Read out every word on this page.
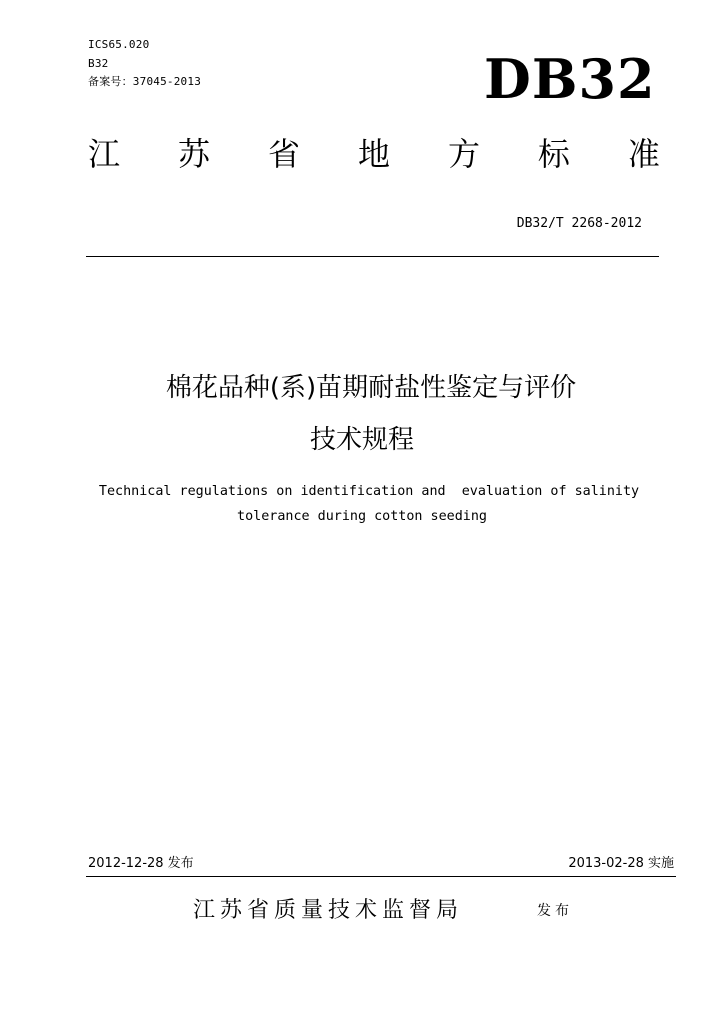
ICS65.020
B32
备案号：37045-2013	DB32
江 苏 省 地 方 标 准
DB32/T 2268-2012
棉花品种(系)苗期耐盐性鉴定与评价
技术规程
Technical regulations on identification and  evaluation of salinity
tolerance during cotton seeding
2012-12-28 发布	2013-02-28 实施
江苏省质量技术监督局	发布
